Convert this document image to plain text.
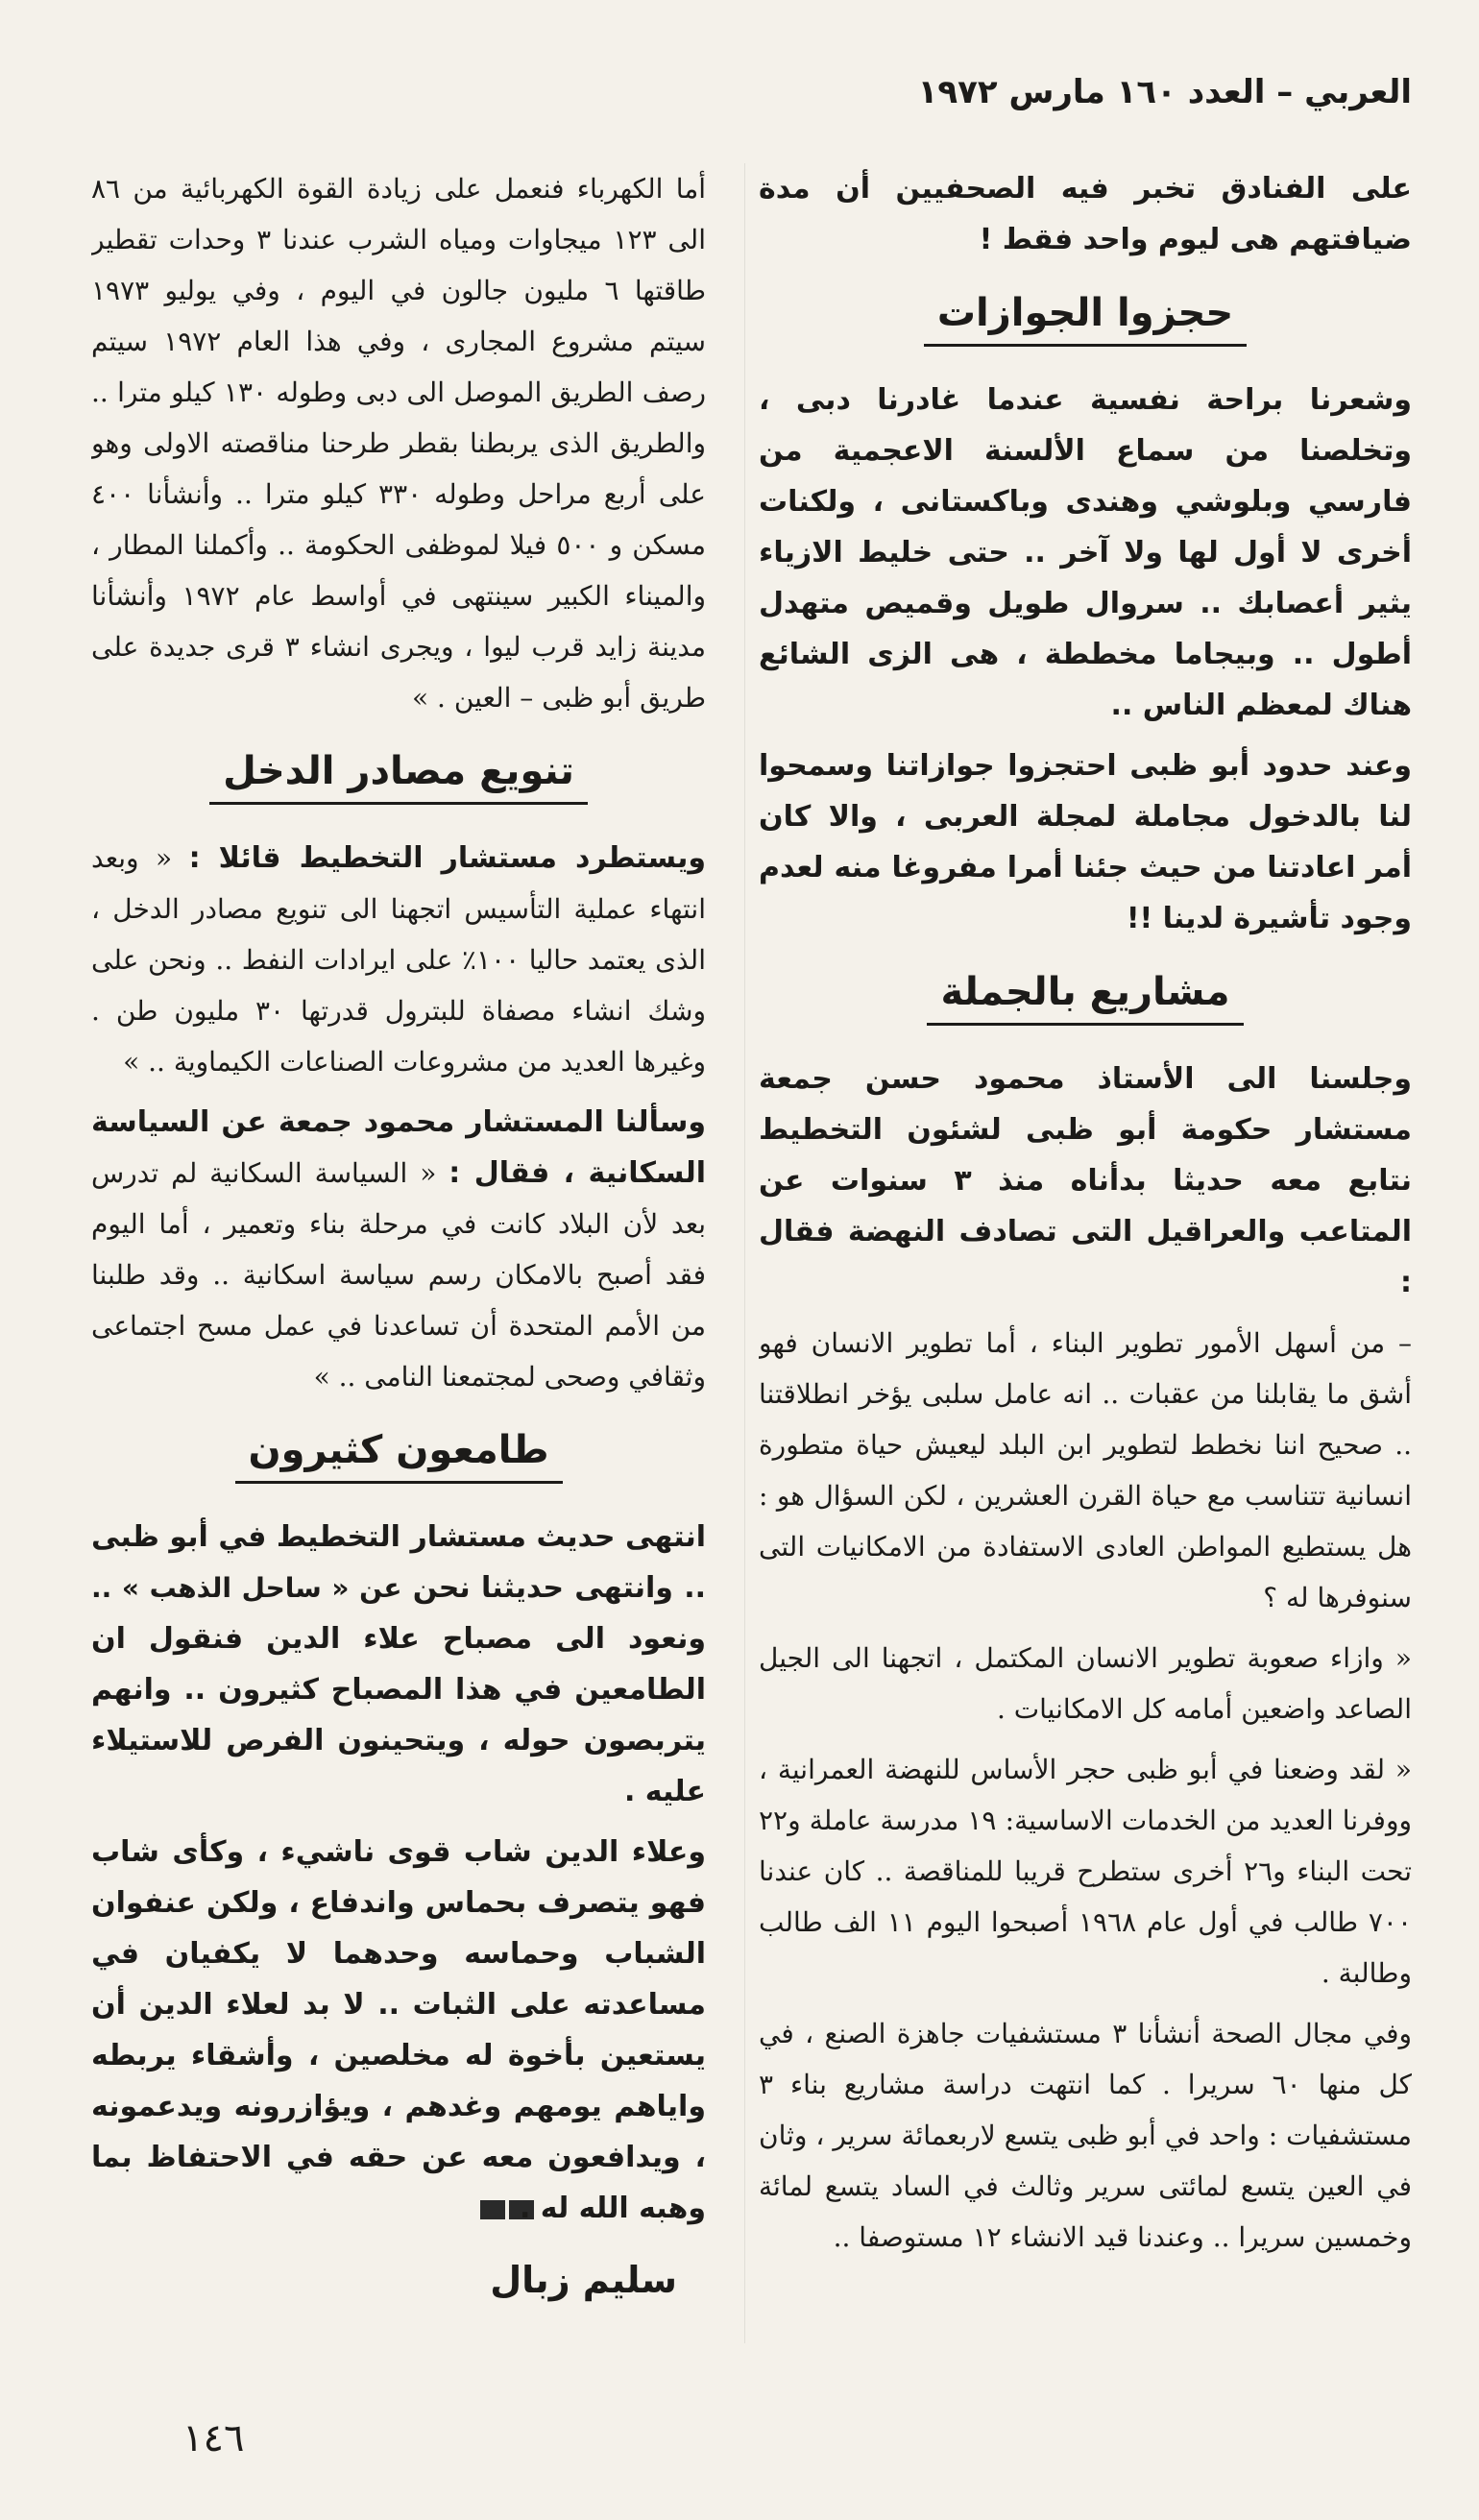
العربي – العدد ١٦٠ مارس ١٩٧٢

على الفنادق تخبر فيه الصحفيين أن مدة ضيافتهم هى ليوم واحد فقط !

حجزوا الجوازات

وشعرنا براحة نفسية عندما غادرنا دبى ، وتخلصنا من سماع الألسنة الاعجمية من فارسي وبلوشي وهندى وباكستانى ، ولكنات أخرى لا أول لها ولا آخر .. حتى خليط الازياء يثير أعصابك .. سروال طويل وقميص متهدل أطول .. وبيجاما مخططة ، هى الزى الشائع هناك لمعظم الناس ..

وعند حدود أبو ظبى احتجزوا جوازاتنا وسمحوا لنا بالدخول مجاملة لمجلة العربى ، والا كان أمر اعادتنا من حيث جئنا أمرا مفروغا منه لعدم وجود تأشيرة لدينا !!

مشاريع بالجملة

وجلسنا الى الأستاذ محمود حسن جمعة مستشار حكومة أبو ظبى لشئون التخطيط نتابع معه حديثا بدأناه منذ ٣ سنوات عن المتاعب والعراقيل التى تصادف النهضة فقال :

– من أسهل الأمور تطوير البناء ، أما تطوير الانسان فهو أشق ما يقابلنا من عقبات .. انه عامل سلبى يؤخر انطلاقتنا .. صحيح اننا نخطط لتطوير ابن البلد ليعيش حياة متطورة انسانية تتناسب مع حياة القرن العشرين ، لكن السؤال هو : هل يستطيع المواطن العادى الاستفادة من الامكانيات التى سنوفرها له ؟

« وازاء صعوبة تطوير الانسان المكتمل ، اتجهنا الى الجيل الصاعد واضعين أمامه كل الامكانيات .

« لقد وضعنا في أبو ظبى حجر الأساس للنهضة العمرانية ، ووفرنا العديد من الخدمات الاساسية: ١٩ مدرسة عاملة و٢٢ تحت البناء و٢٦ أخرى ستطرح قريبا للمناقصة .. كان عندنا ٧٠٠ طالب في أول عام ١٩٦٨ أصبحوا اليوم ١١ الف طالب وطالبة .

وفي مجال الصحة أنشأنا ٣ مستشفيات جاهزة الصنع ، في كل منها ٦٠ سريرا . كما انتهت دراسة مشاريع بناء ٣ مستشفيات : واحد في أبو ظبى يتسع لاربعمائة سرير ، وثان في العين يتسع لمائتى سرير وثالث في الساد يتسع لمائة وخمسين سريرا .. وعندنا قيد الانشاء ١٢ مستوصفا ..

أما الكهرباء فنعمل على زيادة القوة الكهربائية من ٨٦ الى ١٢٣ ميجاوات ومياه الشرب عندنا ٣ وحدات تقطير طاقتها ٦ مليون جالون في اليوم ، وفي يوليو ١٩٧٣ سيتم مشروع المجارى ، وفي هذا العام ١٩٧٢ سيتم رصف الطريق الموصل الى دبى وطوله ١٣٠ كيلو مترا .. والطريق الذى يربطنا بقطر طرحنا مناقصته الاولى وهو على أربع مراحل وطوله ٣٣٠ كيلو مترا .. وأنشأنا ٤٠٠ مسكن و ٥٠٠ فيلا لموظفى الحكومة .. وأكملنا المطار ، والميناء الكبير سينتهى في أواسط عام ١٩٧٢ وأنشأنا مدينة زايد قرب ليوا ، ويجرى انشاء ٣ قرى جديدة على طريق أبو ظبى – العين . »

تنويع مصادر الدخل

ويستطرد مستشار التخطيط قائلا : « وبعد انتهاء عملية التأسيس اتجهنا الى تنويع مصادر الدخل ، الذى يعتمد حاليا ١٠٠٪ على ايرادات النفط .. ونحن على وشك انشاء مصفاة للبترول قدرتها ٣٠ مليون طن . وغيرها العديد من مشروعات الصناعات الكيماوية .. »

وسألنا المستشار محمود جمعة عن السياسة السكانية ، فقال : « السياسة السكانية لم تدرس بعد لأن البلاد كانت في مرحلة بناء وتعمير ، أما اليوم فقد أصبح بالامكان رسم سياسة اسكانية .. وقد طلبنا من الأمم المتحدة أن تساعدنا في عمل مسح اجتماعى وثقافي وصحى لمجتمعنا النامى .. »

طامعون كثيرون

انتهى حديث مستشار التخطيط في أبو ظبى .. وانتهى حديثنا نحن عن « ساحل الذهب » .. ونعود الى مصباح علاء الدين فنقول ان الطامعين في هذا المصباح كثيرون .. وانهم يتربصون حوله ، ويتحينون الفرص للاستيلاء عليه .

وعلاء الدين شاب قوى ناشيء ، وكأى شاب فهو يتصرف بحماس واندفاع ، ولكن عنفوان الشباب وحماسه وحدهما لا يكفيان في مساعدته على الثبات .. لا بد لعلاء الدين أن يستعين بأخوة له مخلصين ، وأشقاء يربطه واياهم يومهم وغدهم ، ويؤازرونه ويدعمونه ، ويدافعون معه عن حقه في الاحتفاظ بما وهبه الله له .

سليم زبال
١٤٦
